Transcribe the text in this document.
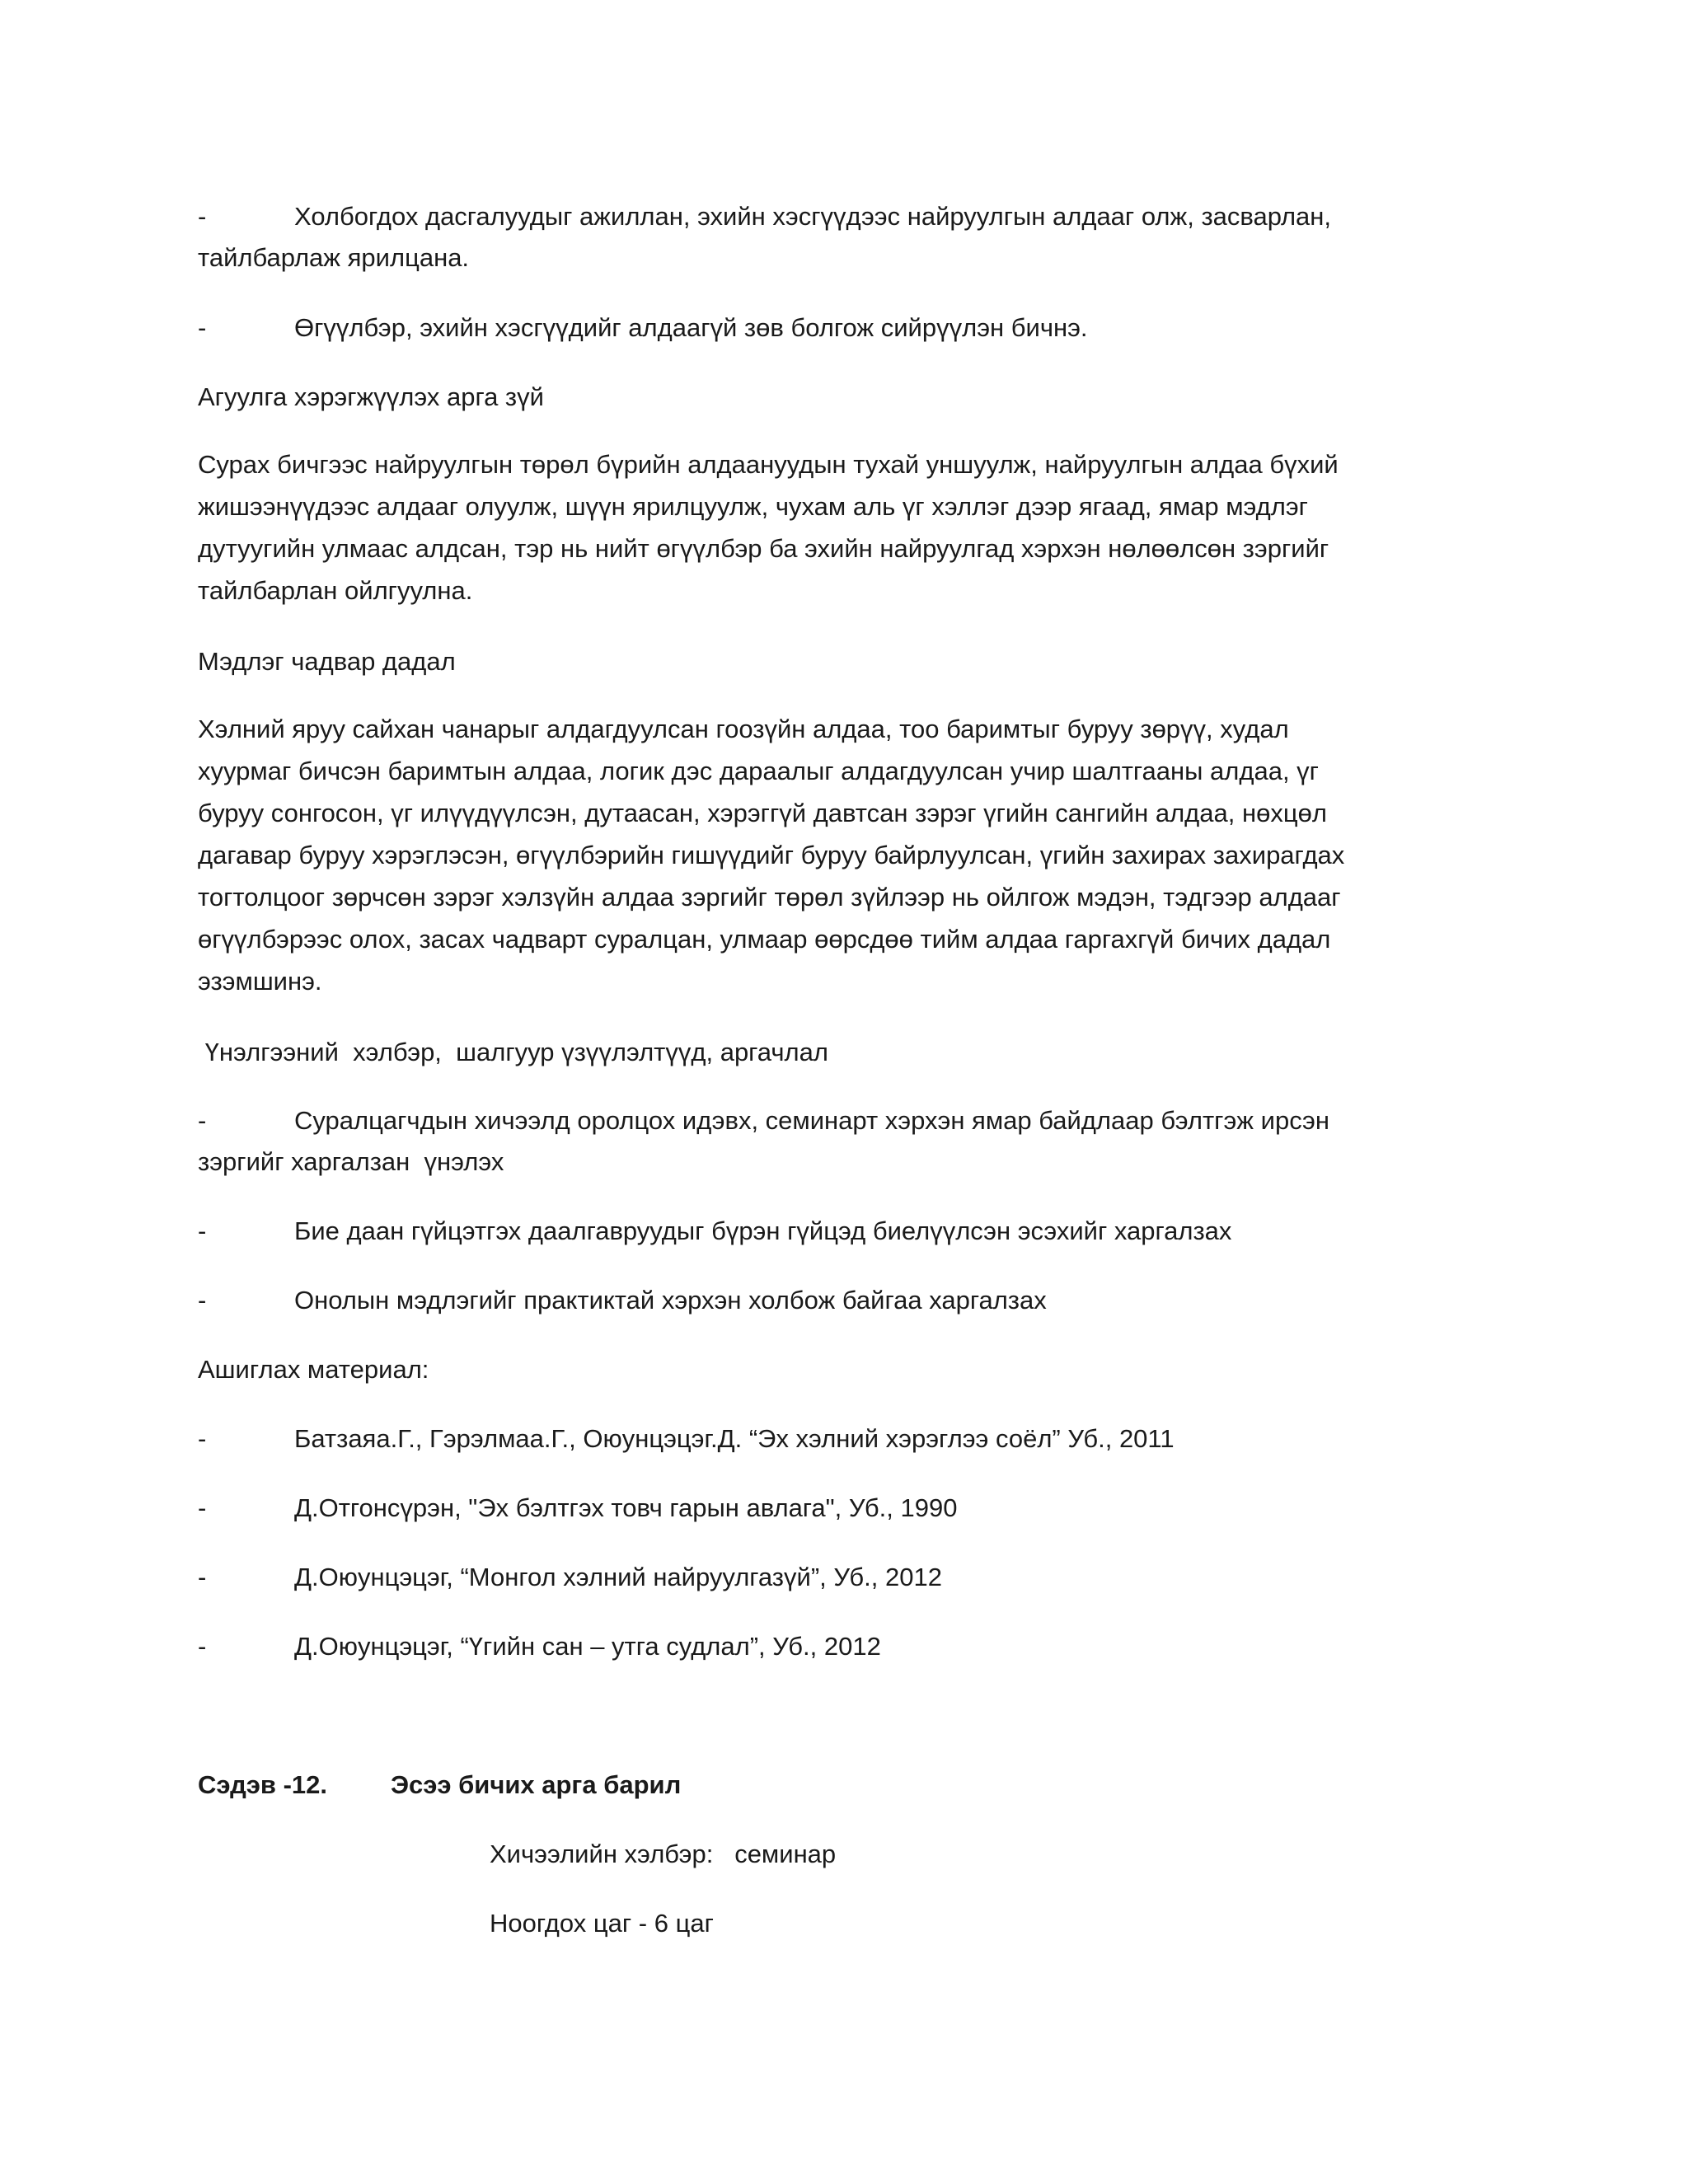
-	Холбогдох дасгалуудыг ажиллан, эхийн хэсгүүдээс найруулгын алдааг олж, засварлан,
тайлбарлаж ярилцана.
-	Өгүүлбэр, эхийн хэсгүүдийг алдаагүй зөв болгож сийрүүлэн бичнэ.
Агуулга хэрэгжүүлэх арга зүй
Сурах бичгээс найруулгын төрөл бүрийн алдаануудын тухай уншуулж, найруулгын алдаа бүхий
жишээнүүдээс алдааг олуулж, шүүн ярилцуулж, чухам аль үг хэллэг дээр ягаад, ямар мэдлэг
дутуугийн улмаас алдсан, тэр нь нийт өгүүлбэр ба эхийн найруулгад хэрхэн нөлөөлсөн зэргийг
тайлбарлан ойлгуулна.
Мэдлэг чадвар дадал
Хэлний яруу сайхан чанарыг алдагдуулсан гоозүйн алдаа, тоо баримтыг буруу зөрүү, худал
хуурмаг бичсэн баримтын алдаа, логик дэс дараалыг алдагдуулсан учир шалтгааны алдаа, үг
буруу сонгосон, үг илүүдүүлсэн, дутаасан, хэрэггүй давтсан зэрэг үгийн сангийн алдаа, нөхцөл
дагавар буруу хэрэглэсэн, өгүүлбэрийн гишүүдийг буруу байрлуулсан, үгийн захирах захирагдах
тогтолцоог зөрчсөн зэрэг хэлзүйн алдаа зэргийг төрөл зүйлээр нь ойлгож мэдэн, тэдгээр алдааг
өгүүлбэрээс олох, засах чадварт суралцан, улмаар өөрсдөө тийм алдаа гаргахгүй бичих дадал
эзэмшинэ.
Үнэлгээний  хэлбэр,  шалгуур үзүүлэлтүүд, аргачлал
-	Суралцагчдын хичээлд оролцох идэвх, семинарт хэрхэн ямар байдлаар бэлтгэж ирсэн
зэргийг харгалзан  үнэлэх
-	Бие даан гүйцэтгэх даалгавруудыг бүрэн гүйцэд биелүүлсэн эсэхийг харгалзах
-	Онолын мэдлэгийг практиктай хэрхэн холбож байгаа харгалзах
Ашиглах материал:
-	Батзаяа.Г., Гэрэлмаа.Г., Оюунцэцэг.Д. “Эх хэлний хэрэглээ соёл” Уб., 2011
-	Д.Отгонсүрэн, "Эх бэлтгэх товч гарын авлага", Уб., 1990
-	Д.Оюунцэцэг, “Монгол хэлний найруулгазүй”, Уб., 2012
-	Д.Оюунцэцэг, “Үгийн сан – утга судлал”, Уб., 2012
Сэдэв -12. Эсээ бичих арга барил
Хичээлийн хэлбэр:   семинар
Ноогдох цаг - 6 цаг
